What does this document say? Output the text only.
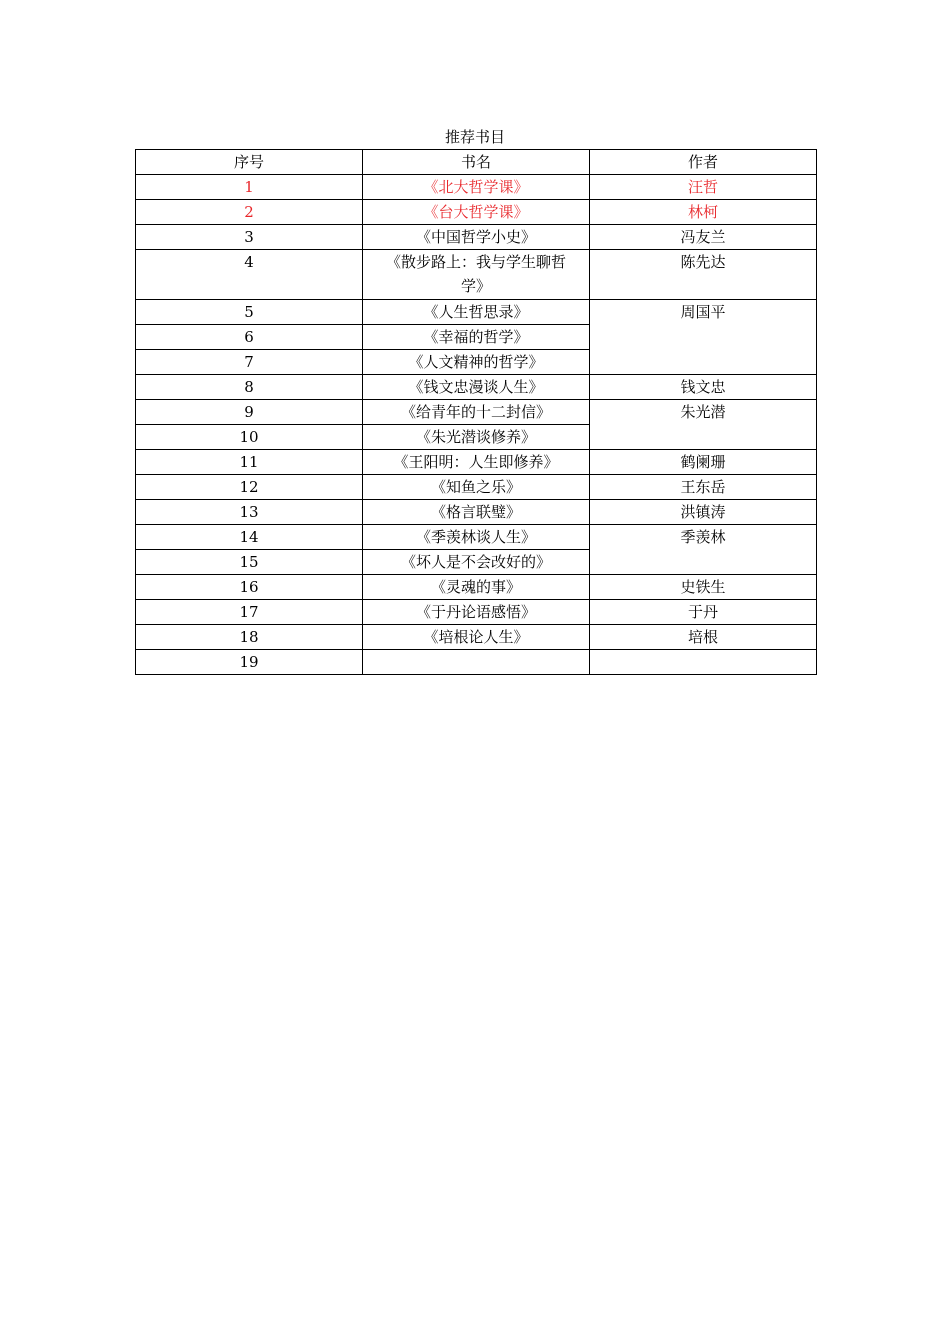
推荐书目
序号	书名	作者
1	《北大哲学课》	汪哲
2	《台大哲学课》	林柯
3	《中国哲学小史》	冯友兰
4	《散步路上：我与学生聊哲学》	陈先达
5	《人生哲思录》	周国平
6	《幸福的哲学》	
7	《人文精神的哲学》	
8	《钱文忠漫谈人生》	钱文忠
9	《给青年的十二封信》	朱光潜
10	《朱光潜谈修养》	
11	《王阳明：人生即修养》	鹤阑珊
12	《知鱼之乐》	王东岳
13	《格言联璧》	洪镇涛
14	《季羡林谈人生》	季羡林
15	《坏人是不会改好的》	
16	《灵魂的事》	史铁生
17	《于丹论语感悟》	于丹
18	《培根论人生》	培根
19		
